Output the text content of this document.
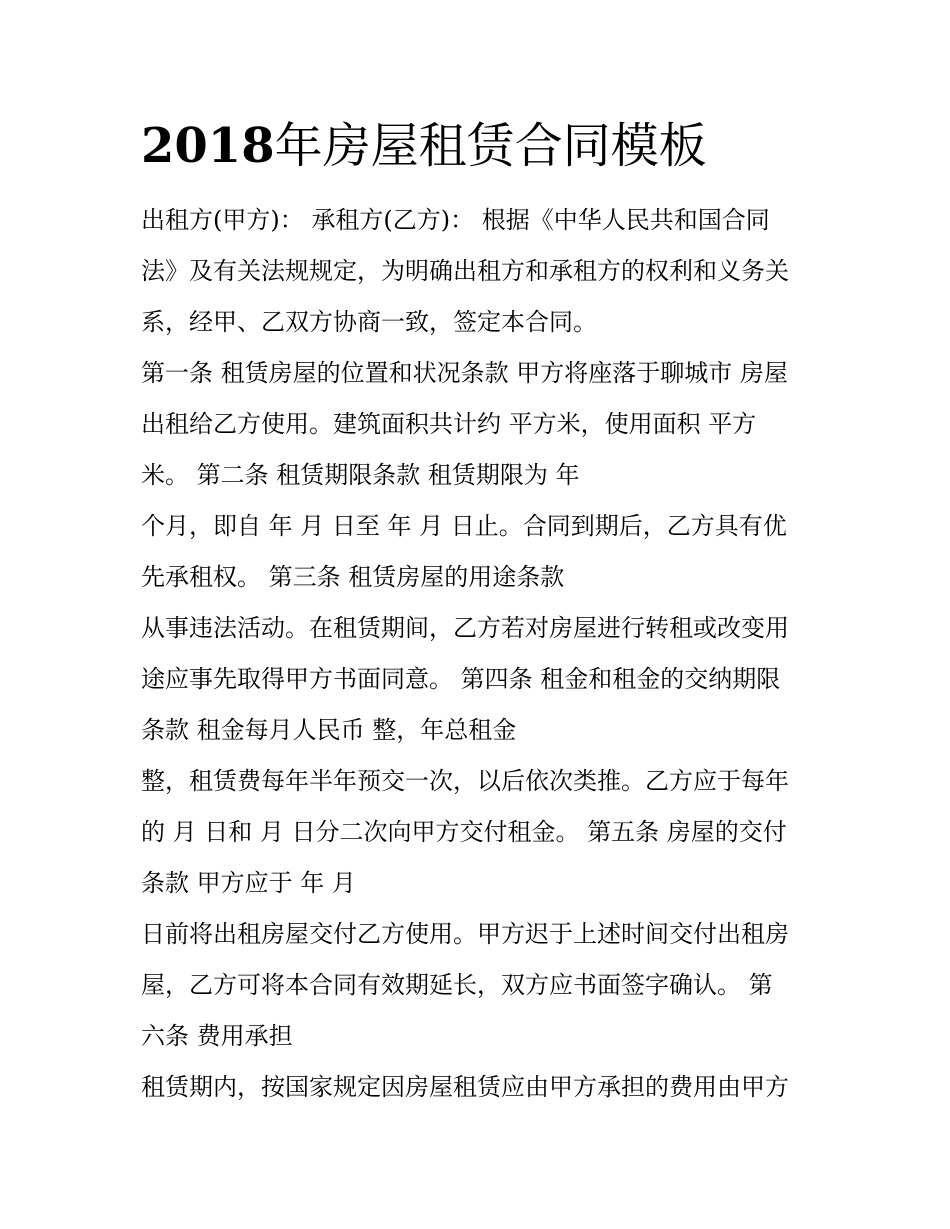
2018年房屋租赁合同模板

出租方(甲方)： 承租方(乙方)： 根据《中华人民共和国合同

法》及有关法规规定，为明确出租方和承租方的权利和义务关

系，经甲、乙双方协商一致，签定本合同。

第一条 租赁房屋的位置和状况条款 甲方将座落于聊城市 房屋

出租给乙方使用。建筑面积共计约 平方米，使用面积 平方

米。 第二条 租赁期限条款 租赁期限为 年

个月，即自 年 月 日至 年 月 日止。合同到期后，乙方具有优

先承租权。 第三条 租赁房屋的用途条款

从事违法活动。在租赁期间，乙方若对房屋进行转租或改变用

途应事先取得甲方书面同意。 第四条 租金和租金的交纳期限

条款 租金每月人民币 整，年总租金

整，租赁费每年半年预交一次，以后依次类推。乙方应于每年

的 月 日和 月 日分二次向甲方交付租金。 第五条 房屋的交付

条款 甲方应于 年 月

日前将出租房屋交付乙方使用。甲方迟于上述时间交付出租房

屋，乙方可将本合同有效期延长，双方应书面签字确认。 第

六条 费用承担

租赁期内，按国家规定因房屋租赁应由甲方承担的费用由甲方
